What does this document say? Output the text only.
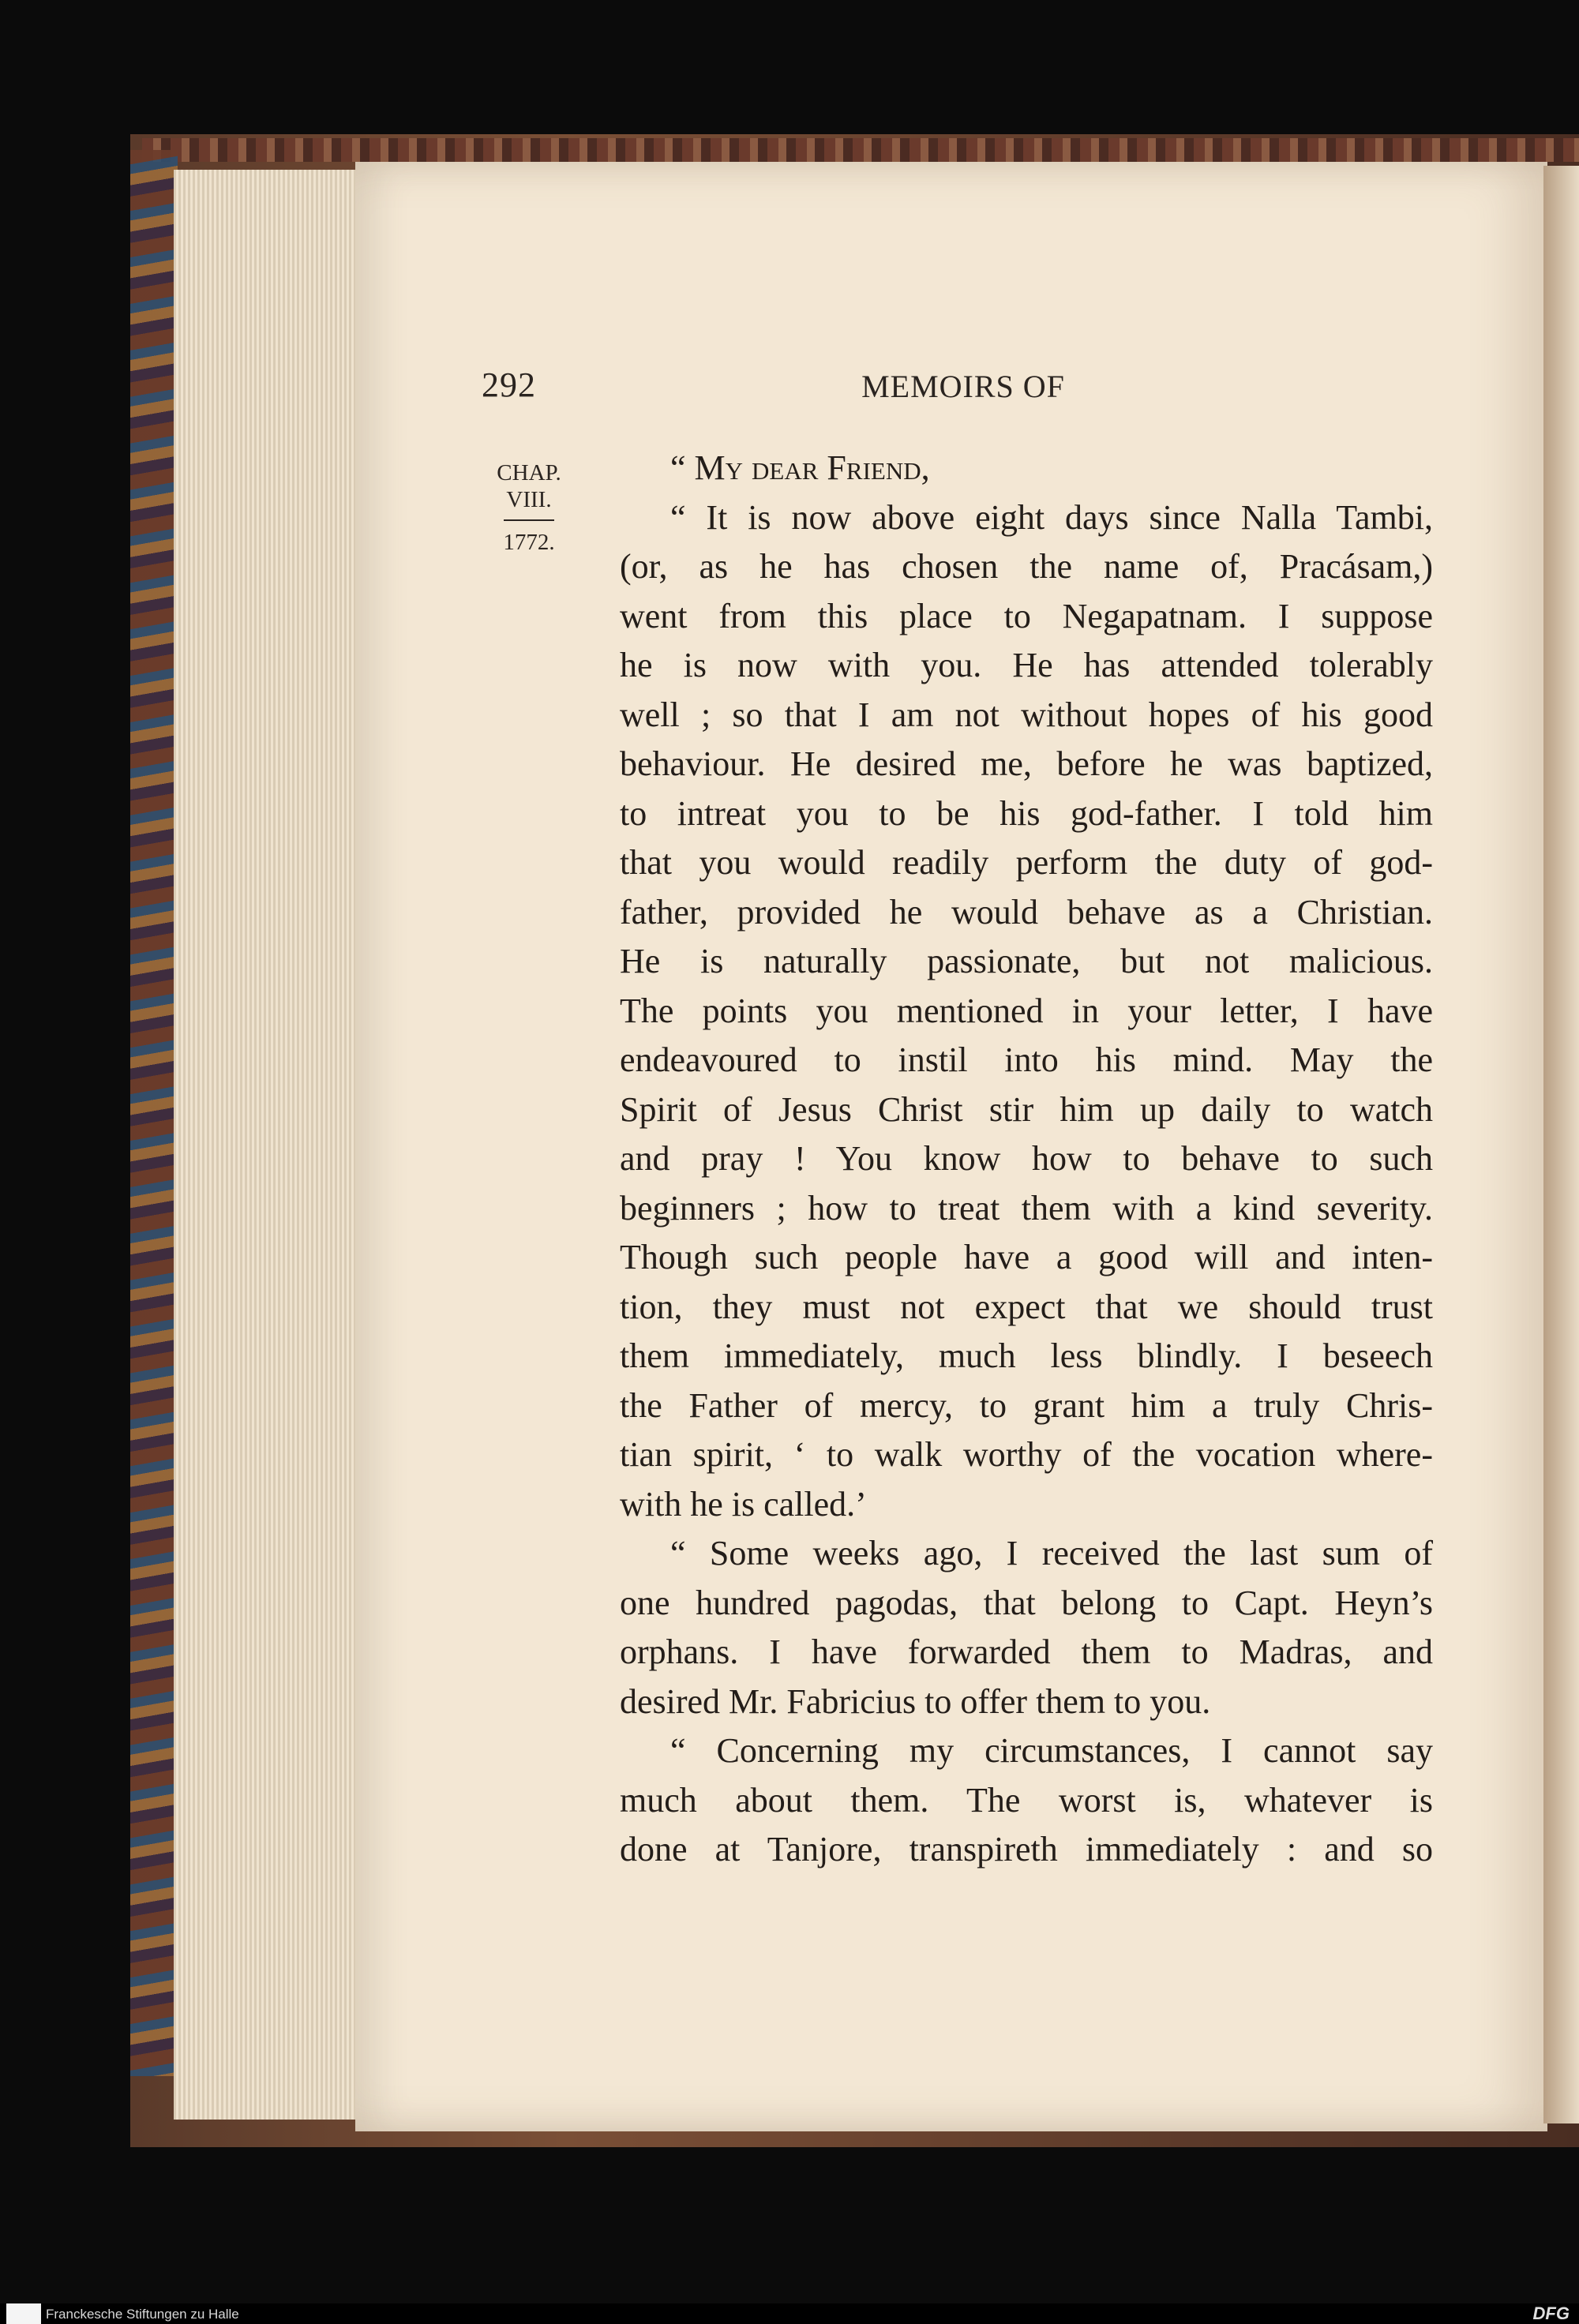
292	MEMOIRS OF
CHAP.
VIII.
1772.
“ My dear Friend,
“ It is now above eight days since Nalla Tambi,
(or, as he has chosen the name of, Pracásam,)
went from this place to Negapatnam. I suppose
he is now with you. He has attended tolerably
well ; so that I am not without hopes of his good
behaviour. He desired me, before he was baptized,
to intreat you to be his god-father. I told him
that you would readily perform the duty of god-
father, provided he would behave as a Christian.
He is naturally passionate, but not malicious.
The points you mentioned in your letter, I have
endeavoured to instil into his mind. May the
Spirit of Jesus Christ stir him up daily to watch
and pray ! You know how to behave to such
beginners ; how to treat them with a kind severity.
Though such people have a good will and inten-
tion, they must not expect that we should trust
them immediately, much less blindly. I beseech
the Father of mercy, to grant him a truly Chris-
tian spirit, ‘ to walk worthy of the vocation where-
with he is called.’
“ Some weeks ago, I received the last sum of
one hundred pagodas, that belong to Capt. Heyn’s
orphans. I have forwarded them to Madras, and
desired Mr. Fabricius to offer them to you.
“ Concerning my circumstances, I cannot say
much about them. The worst is, whatever is
done at Tanjore, transpireth immediately : and so
Franckesche Stiftungen zu Halle	DFG
